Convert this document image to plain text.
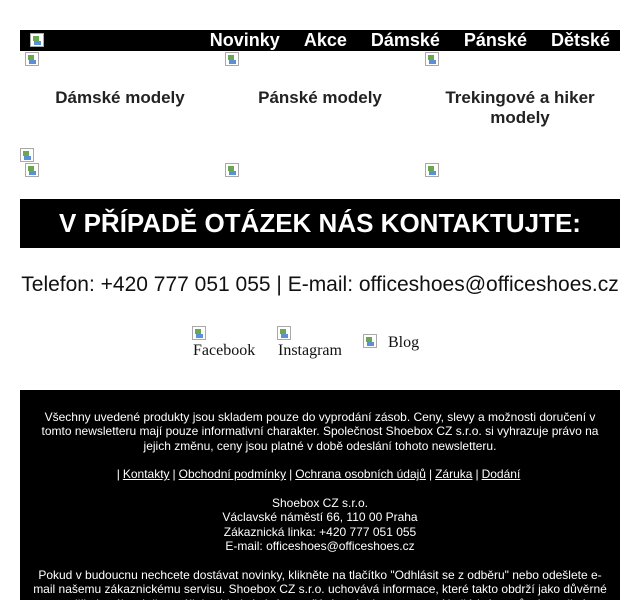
Novinky Akce Dámské Pánské Dětské
Dámské modely	Pánské modely	Trekingové a hiker modely
V PŘÍPADĚ OTÁZEK NÁS KONTAKTUJTE:
Telefon: +420 777 051 055 | E-mail: officeshoes@officeshoes.cz
Facebook Instagram	Blog
Všechny uvedené produkty jsou skladem pouze do vyprodání zásob. Ceny, slevy a možnosti doručení v tomto newsletteru mají pouze informativní charakter. Společnost Shoebox CZ s.r.o. si vyhrazuje právo na jejich změnu, ceny jsou platné v době odeslání tohoto newsletteru.
| Kontakty | Obchodní podmínky | Ochrana osobních údajů | Záruka | Dodání
Shoebox CZ s.r.o.
Václavské náměstí 66, 110 00 Praha
Zákaznická linka: +420 777 051 055
E-mail: officeshoes@officeshoes.cz
Pokud v budoucnu nechcete dostávat novinky, klikněte na tlačítko "Odhlásit se z odběru" nebo odešlete e-mail našemu zákaznickému servisu. Shoebox CZ s.r.o. uchovává informace, které takto obdrží jako důvěrné a použije je výhradně pro účely objednávání a zasílání novinek, nepostoupí je žádným způsobem třetím
